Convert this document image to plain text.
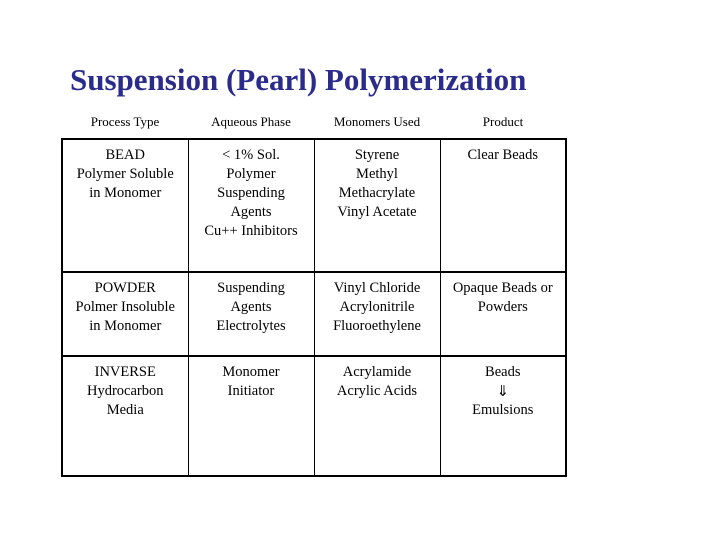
Suspension (Pearl) Polymerization
Process Type	Aqueous Phase	Monomers Used	Product

BEAD
Polymer Soluble
in Monomer	< 1% Sol.
Polymer
Suspending
Agents
Cu++ Inhibitors	Styrene
Methyl
Methacrylate
Vinyl Acetate	Clear Beads

POWDER
Polmer Insoluble
in Monomer	Suspending
Agents
Electrolytes	Vinyl Chloride
Acrylonitrile
Fluoroethylene	Opaque Beads or
Powders

INVERSE
Hydrocarbon
Media	Monomer
Initiator	Acrylamide
Acrylic Acids	Beads
⇓
Emulsions
